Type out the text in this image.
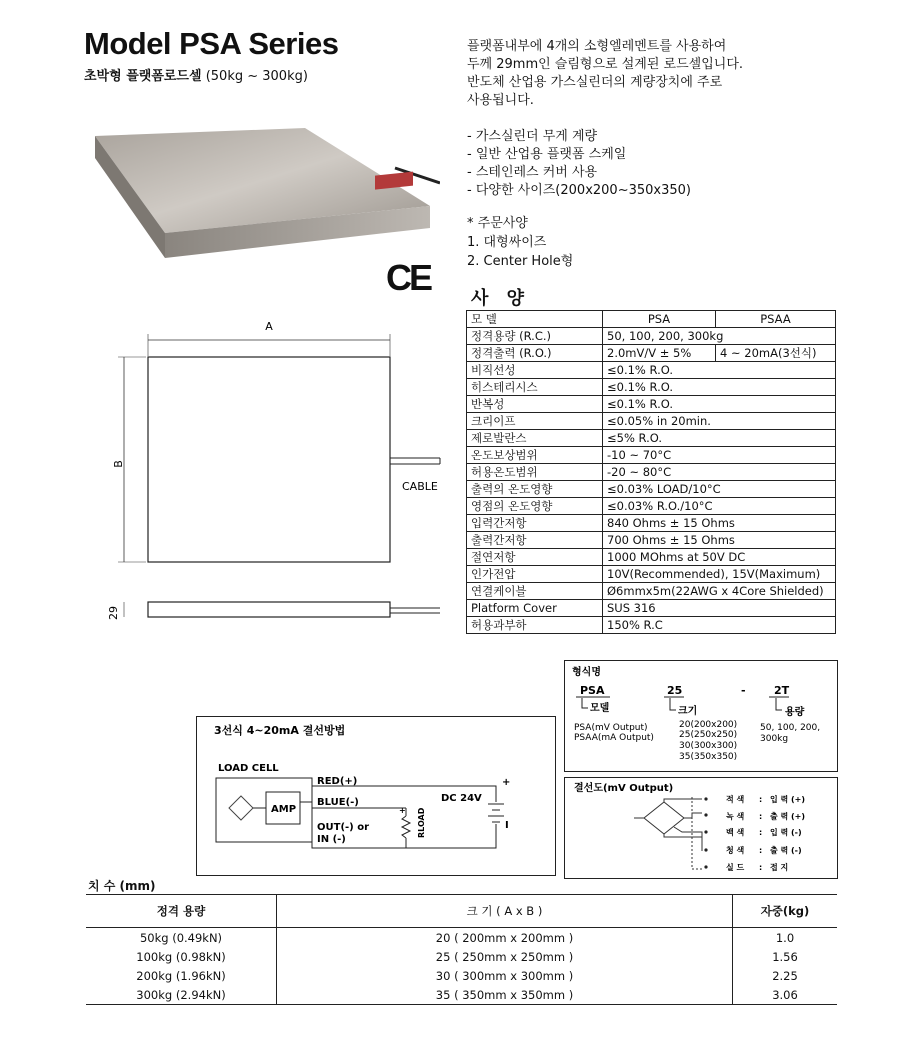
Model PSA Series
초박형 플랫폼로드셀 (50kg ~ 300kg)
플랫폼내부에 4개의 소형엘레멘트를 사용하여
두께 29mm인 슬림형으로 설계된 로드셀입니다.
반도체 산업용 가스실린더의 계량장치에 주로
사용됩니다.
- 가스실린더 무게 계량
- 일반 산업용 플랫폼 스케일
- 스테인레스 커버 사용
- 다양한 사이즈(200x200~350x350)
* 주문사양
1. 대형싸이즈
2. Center Hole형
CE
A
B
CABLE
29
사 양
모 델	PSA	PSAA
정격용량 (R.C.)	50, 100, 200, 300kg	
정격출력 (R.O.)	2.0mV/V ± 5%	4 ~ 20mA(3선식)
비직선성	≤0.1% R.O.	
히스테리시스	≤0.1% R.O.	
반복성	≤0.1% R.O.	
크리이프	≤0.05% in 20min.	
제로발란스	≤5% R.O.	
온도보상범위	-10 ~ 70°C	
허용온도범위	-20 ~ 80°C	
출력의 온도영향	≤0.03% LOAD/10°C	
영점의 온도영향	≤0.03% R.O./10°C	
입력간저항	840 Ohms ± 15 Ohms	
출력간저항	700 Ohms ± 15 Ohms	
절연저항	1000 MOhms at 50V DC	
인가전압	10V(Recommended), 15V(Maximum)	
연결케이블	Ø6mmx5m(22AWG x 4Core Shielded)	
Platform Cover	SUS 316	
허용과부하	150% R.C	
형식명
PSA	25	-	2T
모델	크기	용량
PSA(mV Output)
PSAA(mA Output)
20(200x200)
25(250x250)
30(300x300)
35(350x350)
50, 100, 200,
300kg
결선도(mV Output)
적 색 : 입 력 (+)
녹 색 : 출 력 (+)
백 색 : 입 력 (-)
청 색 : 출 력 (-)
실 드 : 접 지
3선식 4~20mA 결선방법
LOAD CELL
AMP
RED(+)
BLUE(-)
OUT(-) or
IN (-)
+ RLOAD
DC 24V
+
I
치 수 (mm)
정격 용량	크 기 ( A x B )	자중(kg)
50kg (0.49kN)	20 ( 200mm x 200mm )	1.0
100kg (0.98kN)	25 ( 250mm x 250mm )	1.56
200kg (1.96kN)	30 ( 300mm x 300mm )	2.25
300kg (2.94kN)	35 ( 350mm x 350mm )	3.06
